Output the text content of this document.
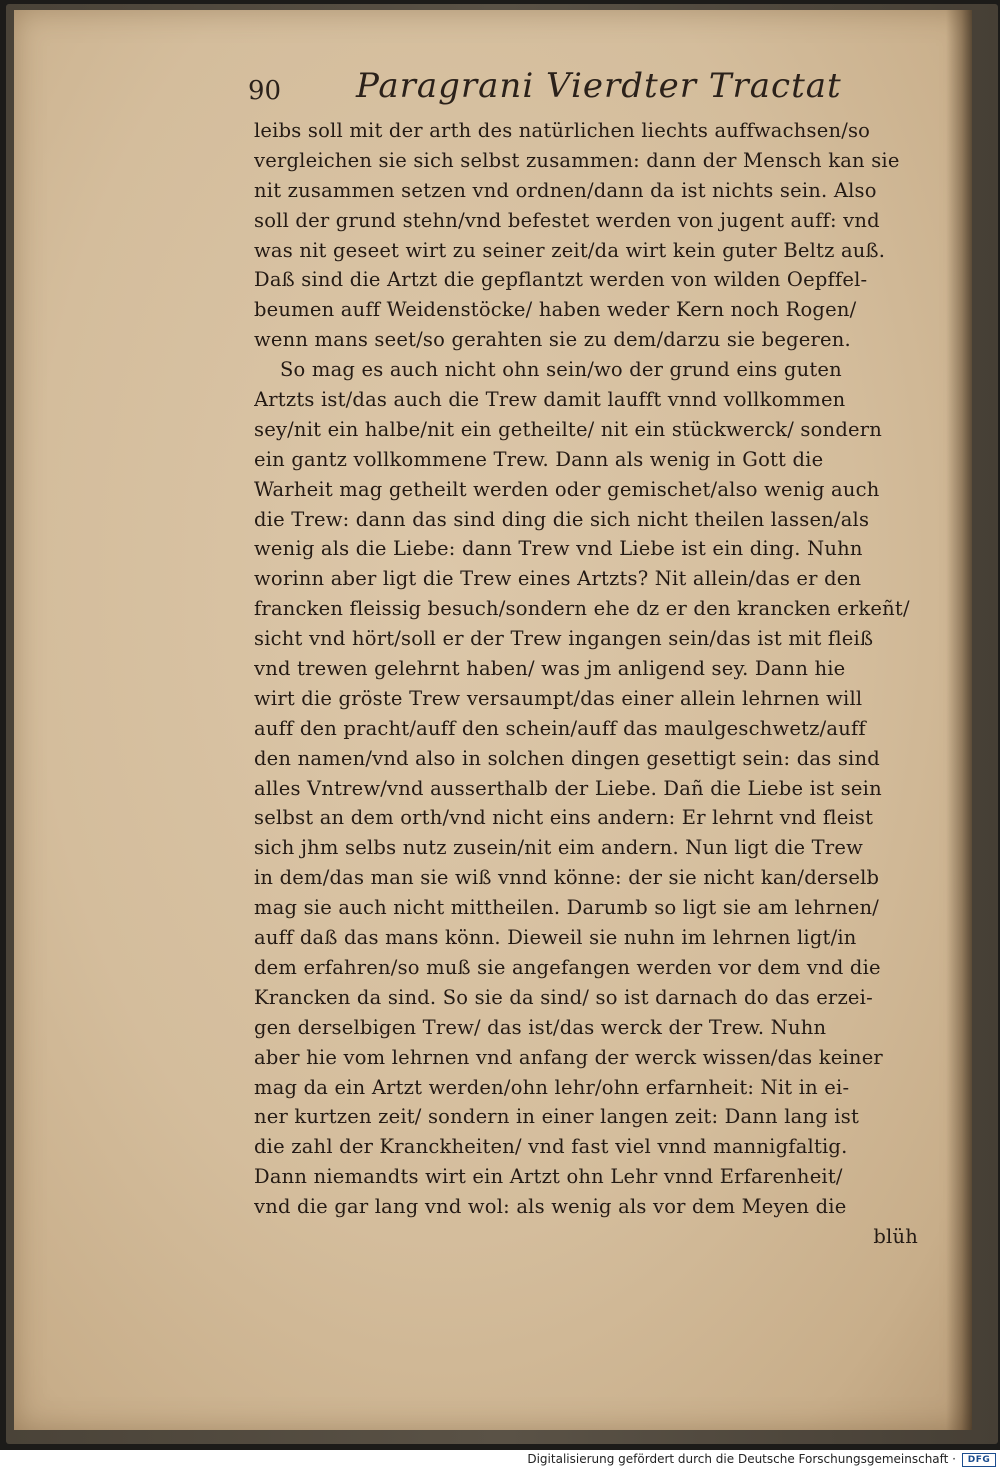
90 Paragrani Vierdter Tractat
leibs soll mit der arth des natürlichen liechts auffwachsen/so
vergleichen sie sich selbst zusammen: dann der Mensch kan sie
nit zusammen setzen vnd ordnen/dann da ist nichts sein. Also
soll der grund stehn/vnd befestet werden von jugent auff: vnd
was nit geseet wirt zu seiner zeit/da wirt kein guter Beltz auß.
Daß sind die Artzt die gepflantzt werden von wilden Oepffel-
beumen auff Weidenstöcke/ haben weder Kern noch Rogen/
wenn mans seet/so gerahten sie zu dem/darzu sie begeren.
So mag es auch nicht ohn sein/wo der grund eins guten
Artzts ist/das auch die Trew damit laufft vnnd vollkommen
sey/nit ein halbe/nit ein getheilte/ nit ein stückwerck/ sondern
ein gantz vollkommene Trew. Dann als wenig in Gott die
Warheit mag getheilt werden oder gemischet/also wenig auch
die Trew: dann das sind ding die sich nicht theilen lassen/als
wenig als die Liebe: dann Trew vnd Liebe ist ein ding. Nuhn
worinn aber ligt die Trew eines Artzts? Nit allein/das er den
francken fleissig besuch/sondern ehe dz er den krancken erkeñt/
sicht vnd hört/soll er der Trew ingangen sein/das ist mit fleiß
vnd trewen gelehrnt haben/ was jm anligend sey. Dann hie
wirt die gröste Trew versaumpt/das einer allein lehrnen will
auff den pracht/auff den schein/auff das maulgeschwetz/auff
den namen/vnd also in solchen dingen gesettigt sein: das sind
alles Vntrew/vnd ausserthalb der Liebe. Dañ die Liebe ist sein
selbst an dem orth/vnd nicht eins andern: Er lehrnt vnd fleist
sich jhm selbs nutz zusein/nit eim andern. Nun ligt die Trew
in dem/das man sie wiß vnnd könne: der sie nicht kan/derselb
mag sie auch nicht mittheilen. Darumb so ligt sie am lehrnen/
auff daß das mans könn. Dieweil sie nuhn im lehrnen ligt/in
dem erfahren/so muß sie angefangen werden vor dem vnd die
Krancken da sind. So sie da sind/ so ist darnach do das erzei-
gen derselbigen Trew/ das ist/das werck der Trew. Nuhn
aber hie vom lehrnen vnd anfang der werck wissen/das keiner
mag da ein Artzt werden/ohn lehr/ohn erfarnheit: Nit in ei-
ner kurtzen zeit/ sondern in einer langen zeit: Dann lang ist
die zahl der Kranckheiten/ vnd fast viel vnnd mannigfaltig.
Dann niemandts wirt ein Artzt ohn Lehr vnnd Erfarenheit/
vnd die gar lang vnd wol: als wenig als vor dem Meyen die
blüh
Digitalisierung gefördert durch die Deutsche Forschungsgemeinschaft ·	DFG
